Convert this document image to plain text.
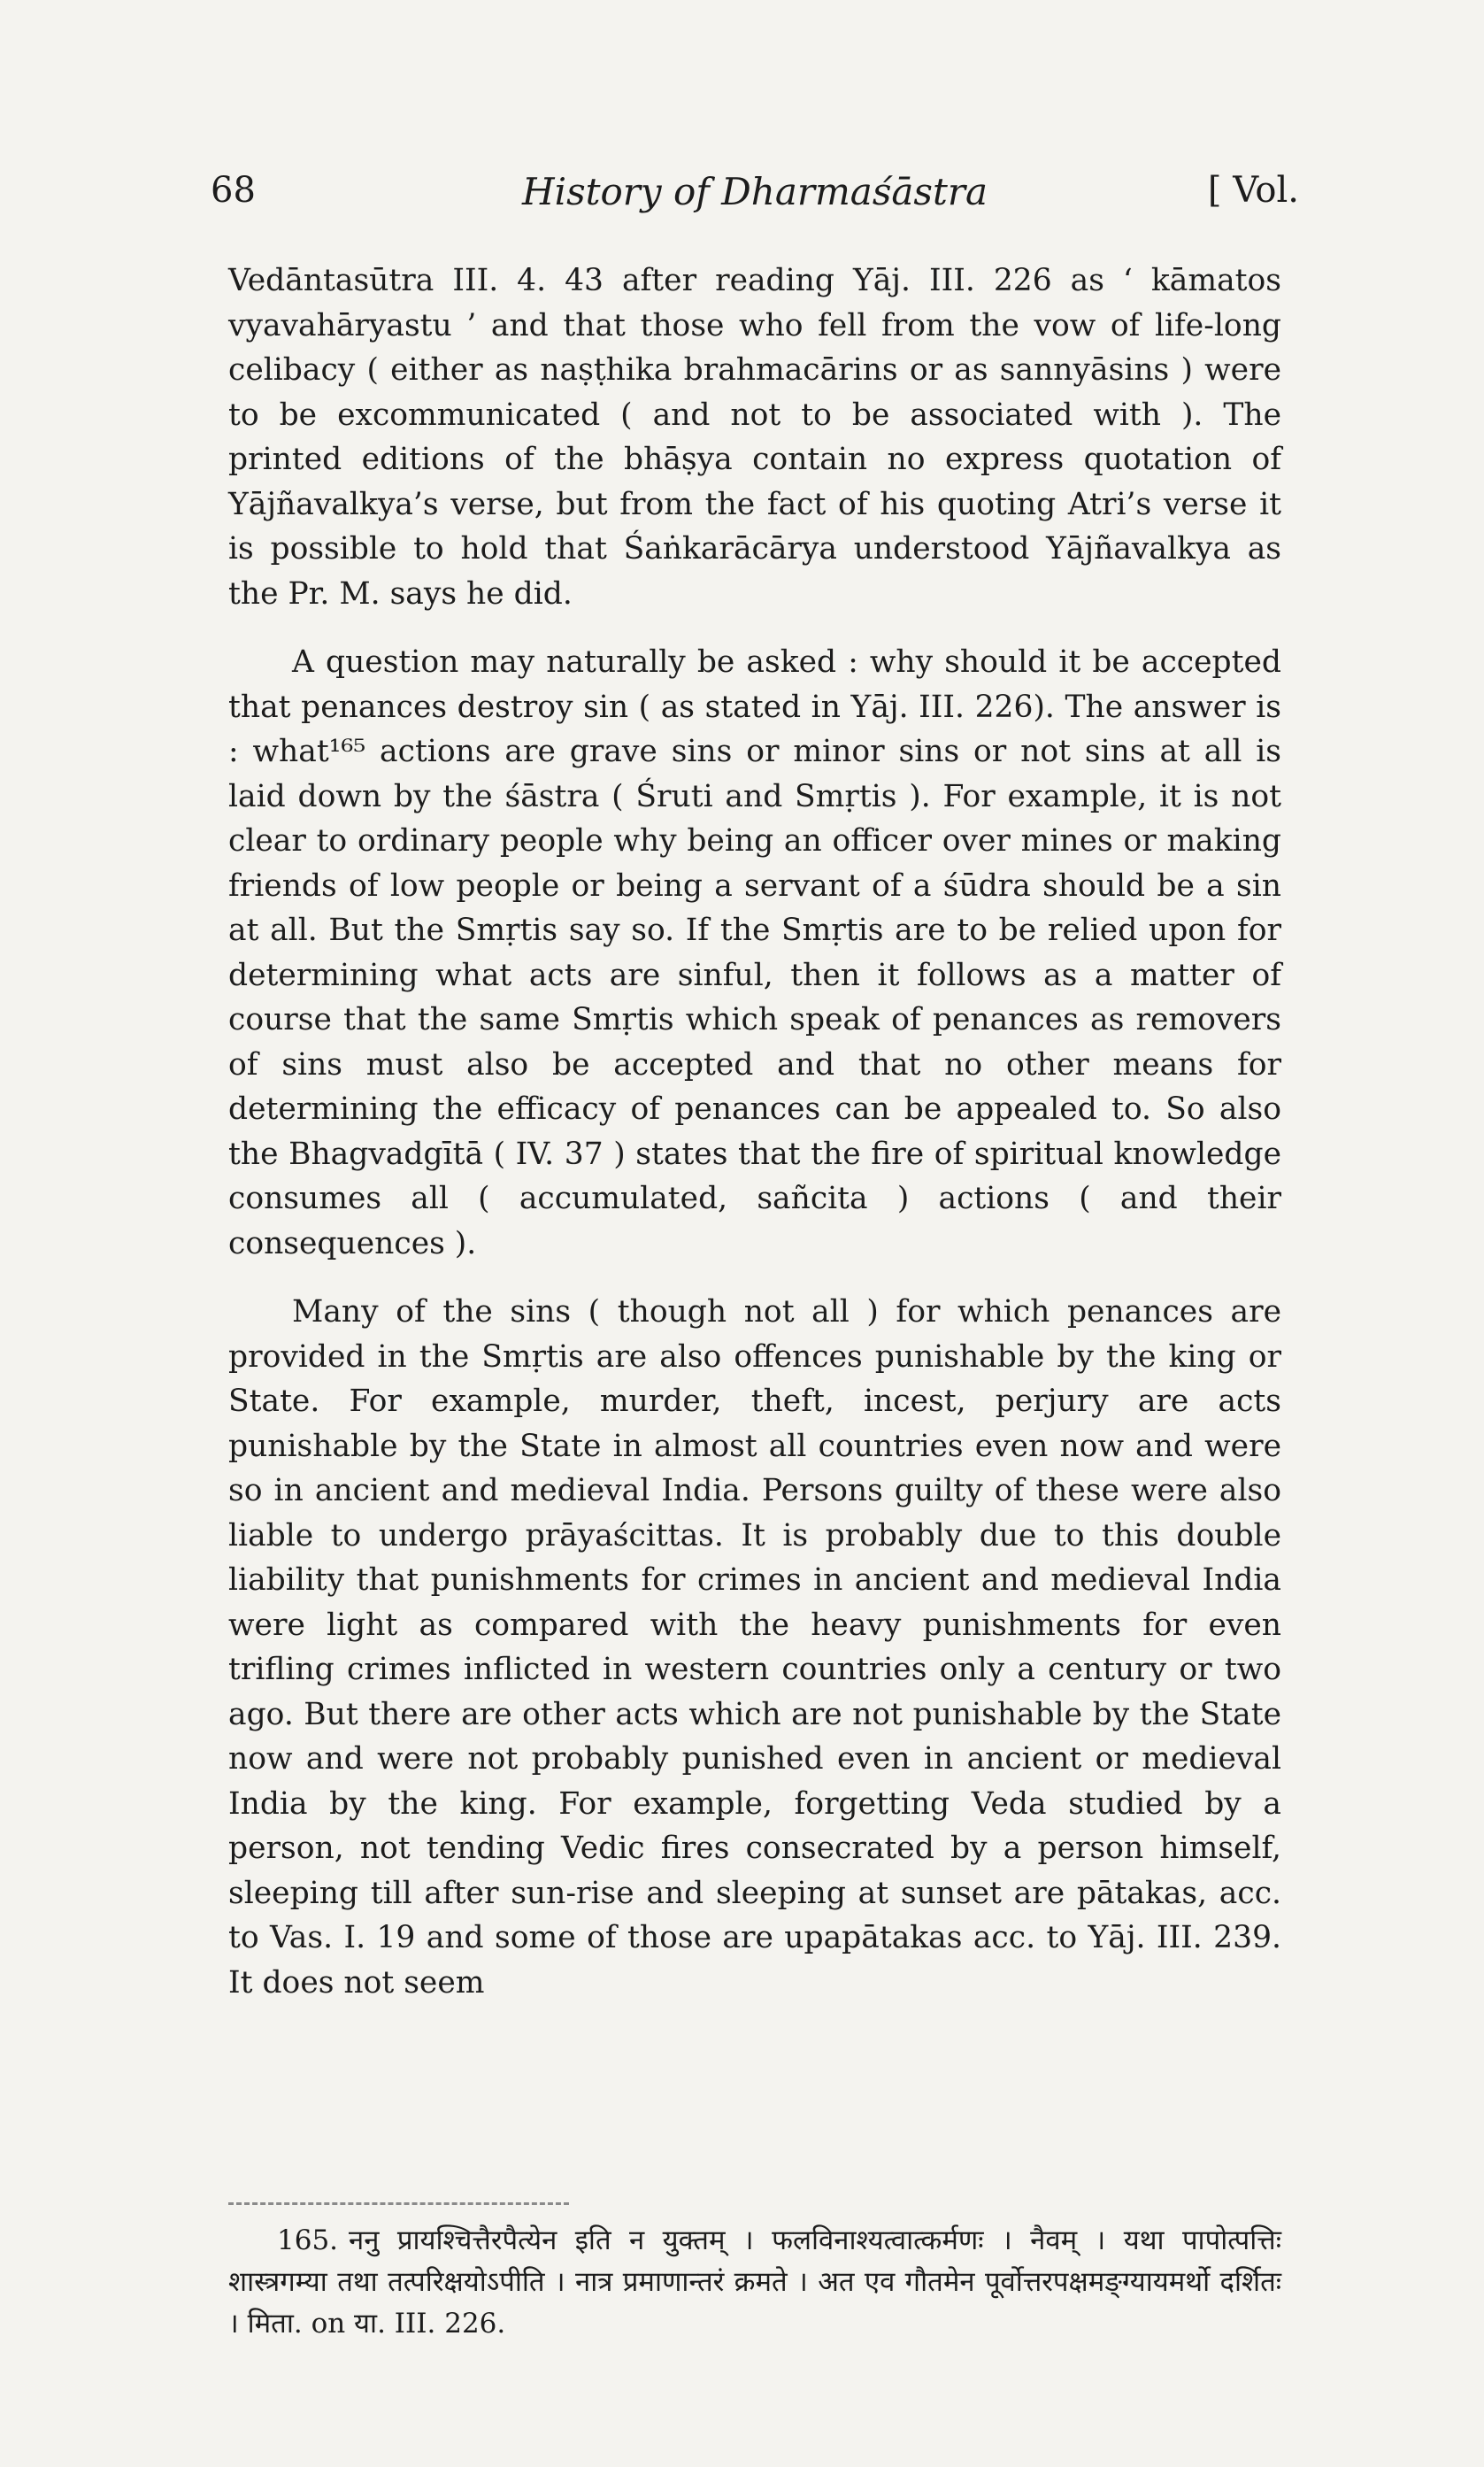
History of Dharmaśāstra
68	[ Vol.

Vedāntasūtra III. 4. 43 after reading Yāj. III. 226 as ‘ kāmatos vyavahāryastu ’ and that those who fell from the vow of life-long celibacy ( either as naṣṭhika brahmacārins or as sannyāsins ) were to be excommunicated ( and not to be associated with ). The printed editions of the bhāṣya contain no express quotation of Yājñavalkya’s verse, but from the fact of his quoting Atri’s verse it is possible to hold that Śaṅkarācārya understood Yājñavalkya as the Pr. M. says he did.

A question may naturally be asked : why should it be accepted that penances destroy sin ( as stated in Yāj. III. 226). The answer is : what¹⁶⁵ actions are grave sins or minor sins or not sins at all is laid down by the śāstra ( Śruti and Smṛtis ). For example, it is not clear to ordinary people why being an officer over mines or making friends of low people or being a servant of a śūdra should be a sin at all. But the Smṛtis say so. If the Smṛtis are to be relied upon for determining what acts are sinful, then it follows as a matter of course that the same Smṛtis which speak of penances as removers of sins must also be accepted and that no other means for determining the efficacy of penances can be appealed to. So also the Bhagvadgītā ( IV. 37 ) states that the fire of spiritual knowledge consumes all ( accumulated, sañcita ) actions ( and their consequences ).

Many of the sins ( though not all ) for which penances are provided in the Smṛtis are also offences punishable by the king or State. For example, murder, theft, incest, perjury are acts punishable by the State in almost all countries even now and were so in ancient and medieval India. Persons guilty of these were also liable to undergo prāyaścittas. It is probably due to this double liability that punishments for crimes in ancient and medieval India were light as compared with the heavy punishments for even trifling crimes inflicted in western countries only a century or two ago. But there are other acts which are not punishable by the State now and were not probably punished even in ancient or medieval India by the king. For example, forgetting Veda studied by a person, not tending Vedic fires consecrated by a person himself, sleeping till after sun-rise and sleeping at sunset are pātakas, acc. to Vas. I. 19 and some of those are upapātakas acc. to Yāj. III. 239. It does not seem

165. ननु प्रायश्चित्तैरपैत्येन इति न युक्तम् । फलविनाश्यत्वात्कर्मणः । नैवम् । यथा पापोत्पत्तिः शास्त्रगम्या तथा तत्परिक्षयोऽपीति । नात्र प्रमाणान्तरं क्रमते । अत एव गौतमेन पूर्वोत्तरपक्षमङ्ग्यायमर्थो दर्शितः । मिता. on या. III. 226.
